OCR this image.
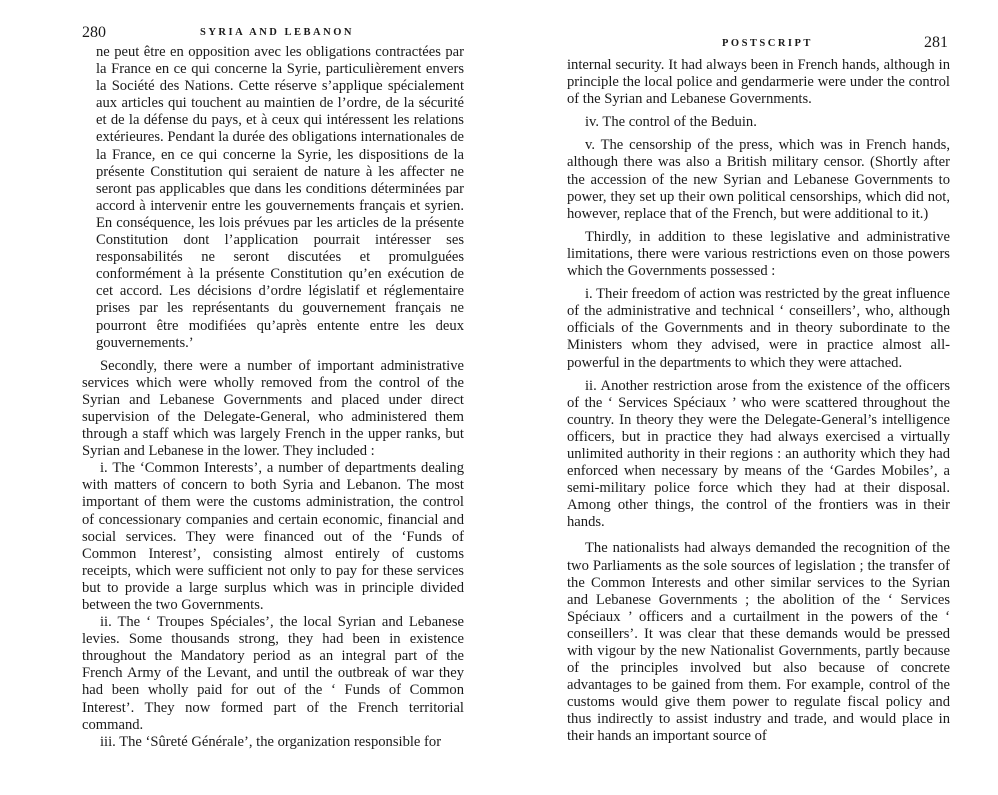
280	SYRIA AND LEBANON

ne peut être en opposition avec les obligations contractées par la France en ce qui concerne la Syrie, particulièrement envers la Société des Nations. Cette réserve s’applique spécialement aux articles qui touchent au maintien de l’ordre, de la sécurité et de la défense du pays, et à ceux qui intéressent les relations extérieures. Pendant la durée des obligations internationales de la France, en ce qui concerne la Syrie, les dispositions de la présente Constitution qui seraient de nature à les affecter ne seront pas applicables que dans les conditions déterminées par accord à intervenir entre les gouvernements français et syrien. En conséquence, les lois prévues par les articles de la présente Constitution dont l’application pourrait intéresser ses responsabilités ne seront discutées et promulguées conformément à la présente Constitution qu’en exécution de cet accord. Les décisions d’ordre législatif et réglementaire prises par les représentants du gouvernement français ne pourront être modifiées qu’après entente entre les deux gouvernements.’

Secondly, there were a number of important administrative services which were wholly removed from the control of the Syrian and Lebanese Governments and placed under direct supervision of the Delegate-General, who administered them through a staff which was largely French in the upper ranks, but Syrian and Lebanese in the lower. They included :

i. The ‘Common Interests’, a number of departments dealing with matters of concern to both Syria and Lebanon. The most important of them were the customs administration, the control of concessionary companies and certain economic, financial and social services. They were financed out of the ‘Funds of Common Interest’, consisting almost entirely of customs receipts, which were sufficient not only to pay for these services but to provide a large surplus which was in principle divided between the two Governments.

ii. The ‘ Troupes Spéciales’, the local Syrian and Lebanese levies. Some thousands strong, they had been in existence throughout the Mandatory period as an integral part of the French Army of the Levant, and until the outbreak of war they had been wholly paid for out of the ‘ Funds of Common Interest’. They now formed part of the French territorial command.

iii. The ‘Sûreté Générale’, the organization responsible for

POSTSCRIPT	281

internal security. It had always been in French hands, although in principle the local police and gendarmerie were under the control of the Syrian and Lebanese Governments.

iv. The control of the Beduin.

v. The censorship of the press, which was in French hands, although there was also a British military censor. (Shortly after the accession of the new Syrian and Lebanese Governments to power, they set up their own political censorships, which did not, however, replace that of the French, but were additional to it.)

Thirdly, in addition to these legislative and administrative limitations, there were various restrictions even on those powers which the Governments possessed :

i. Their freedom of action was restricted by the great influence of the administrative and technical ‘ conseillers’, who, although officials of the Governments and in theory subordinate to the Ministers whom they advised, were in practice almost all-powerful in the departments to which they were attached.

ii. Another restriction arose from the existence of the officers of the ‘ Services Spéciaux ’ who were scattered throughout the country. In theory they were the Delegate-General’s intelligence officers, but in practice they had always exercised a virtually unlimited authority in their regions : an authority which they had enforced when necessary by means of the ‘Gardes Mobiles’, a semi-military police force which they had at their disposal. Among other things, the control of the frontiers was in their hands.

The nationalists had always demanded the recognition of the two Parliaments as the sole sources of legislation ; the transfer of the Common Interests and other similar services to the Syrian and Lebanese Governments ; the abolition of the ‘ Services Spéciaux ’ officers and a curtailment in the powers of the ‘ conseillers’. It was clear that these demands would be pressed with vigour by the new Nationalist Governments, partly because of the principles involved but also because of concrete advantages to be gained from them. For example, control of the customs would give them power to regulate fiscal policy and thus indirectly to assist industry and trade, and would place in their hands an important source of
